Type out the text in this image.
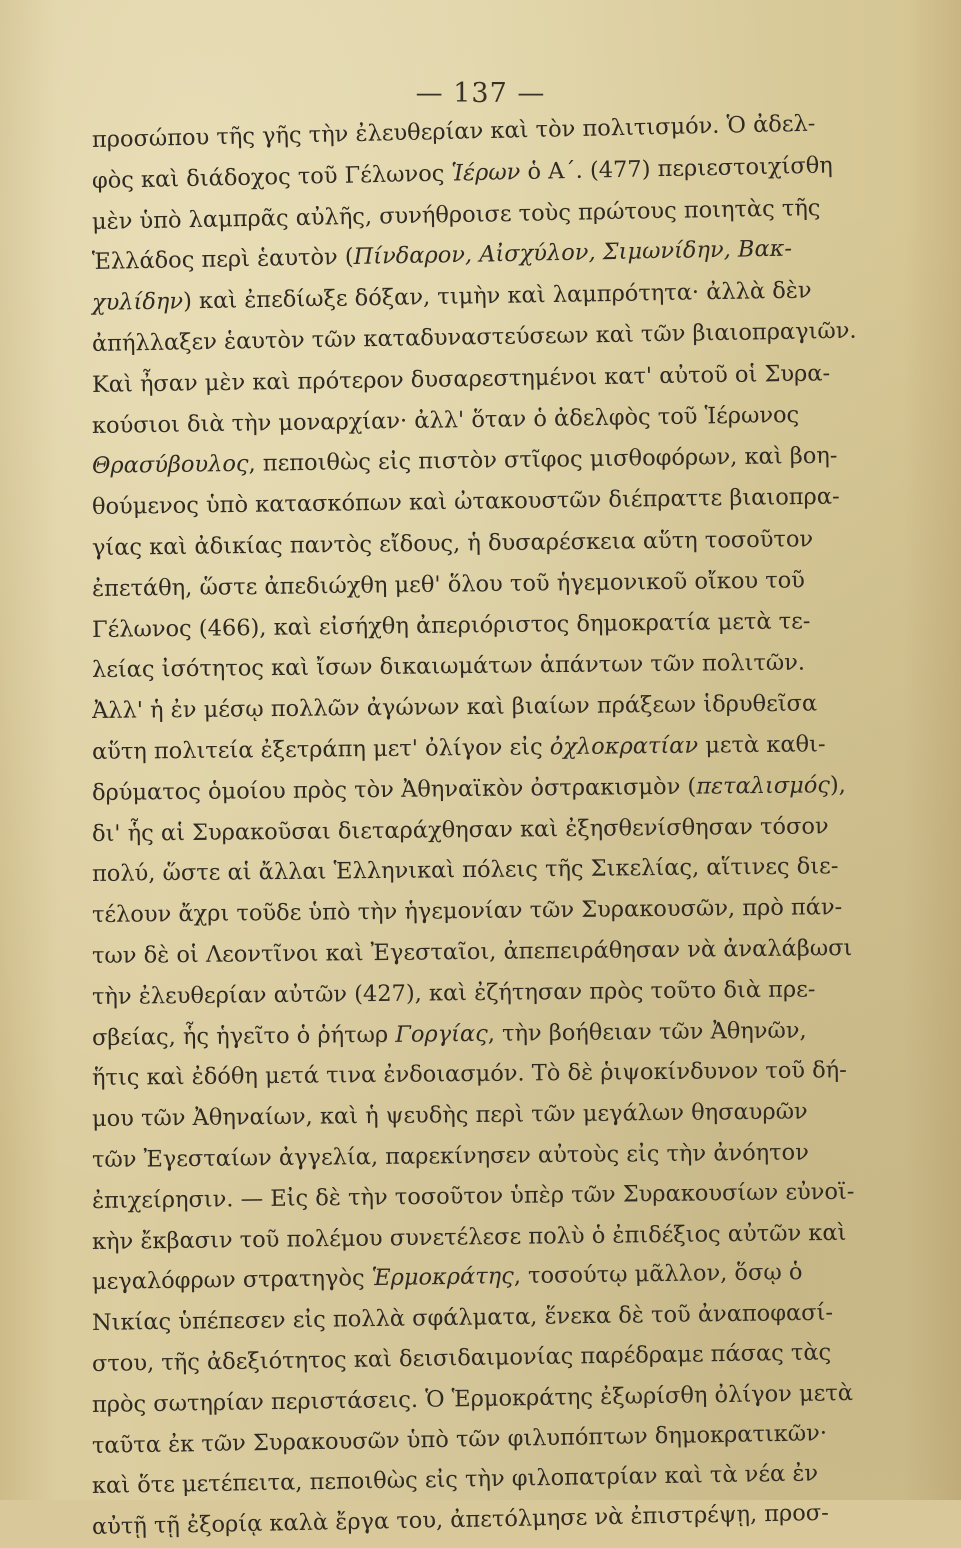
— 137 —
προσώπου τῆς γῆς τὴν ἐλευθερίαν καὶ τὸν πολιτισμόν. Ὁ ἀδελ-
φὸς καὶ διάδοχος τοῦ Γέλωνος Ἱέρων ὁ Α΄. (477) περιεστοιχίσθη
μὲν ὑπὸ λαμπρᾶς αὐλῆς, συνήθροισε τοὺς πρώτους ποιητὰς τῆς
Ἑλλάδος περὶ ἑαυτὸν (Πίνδαρον, Αἰσχύλον, Σιμωνίδην, Βακ-
χυλίδην) καὶ ἐπεδίωξε δόξαν, τιμὴν καὶ λαμπρότητα· ἀλλὰ δὲν
ἀπήλλαξεν ἑαυτὸν τῶν καταδυναστεύσεων καὶ τῶν βιαιοπραγιῶν.
Καὶ ἦσαν μὲν καὶ πρότερον δυσαρεστημένοι κατ' αὐτοῦ οἱ Συρα-
κούσιοι διὰ τὴν μοναρχίαν· ἀλλ' ὅταν ὁ ἀδελφὸς τοῦ Ἱέρωνος
Θρασύβουλος, πεποιθὼς εἰς πιστὸν στῖφος μισθοφόρων, καὶ βοη-
θούμενος ὑπὸ κατασκόπων καὶ ὠτακουστῶν διέπραττε βιαιοπρα-
γίας καὶ ἀδικίας παντὸς εἴδους, ἡ δυσαρέσκεια αὕτη τοσοῦτον
ἐπετάθη, ὥστε ἀπεδιώχθη μεθ' ὅλου τοῦ ἡγεμονικοῦ οἴκου τοῦ
Γέλωνος (466), καὶ εἰσήχθη ἀπεριόριστος δημοκρατία μετὰ τε-
λείας ἰσότητος καὶ ἴσων δικαιωμάτων ἁπάντων τῶν πολιτῶν.
Ἀλλ' ἡ ἐν μέσῳ πολλῶν ἀγώνων καὶ βιαίων πράξεων ἱδρυθεῖσα
αὕτη πολιτεία ἐξετράπη μετ' ὀλίγον εἰς ὀχλοκρατίαν μετὰ καθι-
δρύματος ὁμοίου πρὸς τὸν Ἀθηναϊκὸν ὀστρακισμὸν (πεταλισμός),
δι' ἧς αἱ Συρακοῦσαι διεταράχθησαν καὶ ἐξησθενίσθησαν τόσον
πολύ, ὥστε αἱ ἄλλαι Ἑλληνικαὶ πόλεις τῆς Σικελίας, αἵτινες διε-
τέλουν ἄχρι τοῦδε ὑπὸ τὴν ἡγεμονίαν τῶν Συρακουσῶν, πρὸ πάν-
των δὲ οἱ Λεοντῖνοι καὶ Ἐγεσταῖοι, ἀπεπειράθησαν νὰ ἀναλάβωσι
τὴν ἐλευθερίαν αὐτῶν (427), καὶ ἐζήτησαν πρὸς τοῦτο διὰ πρε-
σβείας, ἧς ἡγεῖτο ὁ ῥήτωρ Γοργίας, τὴν βοήθειαν τῶν Ἀθηνῶν,
ἥτις καὶ ἐδόθη μετά τινα ἐνδοιασμόν. Τὸ δὲ ῥιψοκίνδυνον τοῦ δή-
μου τῶν Ἀθηναίων, καὶ ἡ ψευδὴς περὶ τῶν μεγάλων θησαυρῶν
τῶν Ἐγεσταίων ἀγγελία, παρεκίνησεν αὐτοὺς εἰς τὴν ἀνόητον
ἐπιχείρησιν. — Εἰς δὲ τὴν τοσοῦτον ὑπὲρ τῶν Συρακουσίων εὐνοϊ-
κὴν ἔκβασιν τοῦ πολέμου συνετέλεσε πολὺ ὁ ἐπιδέξιος αὐτῶν καὶ
μεγαλόφρων στρατηγὸς Ἑρμοκράτης, τοσούτῳ μᾶλλον, ὅσῳ ὁ
Νικίας ὑπέπεσεν εἰς πολλὰ σφάλματα, ἕνεκα δὲ τοῦ ἀναποφασί-
στου, τῆς ἀδεξιότητος καὶ δεισιδαιμονίας παρέδραμε πάσας τὰς
πρὸς σωτηρίαν περιστάσεις. Ὁ Ἑρμοκράτης ἐξωρίσθη ὀλίγον μετὰ
ταῦτα ἐκ τῶν Συρακουσῶν ὑπὸ τῶν φιλυπόπτων δημοκρατικῶν·
καὶ ὅτε μετέπειτα, πεποιθὼς εἰς τὴν φιλοπατρίαν καὶ τὰ νέα ἐν
αὐτῇ τῇ ἐξορίᾳ καλὰ ἔργα του, ἀπετόλμησε νὰ ἐπιστρέψῃ, προσ-
